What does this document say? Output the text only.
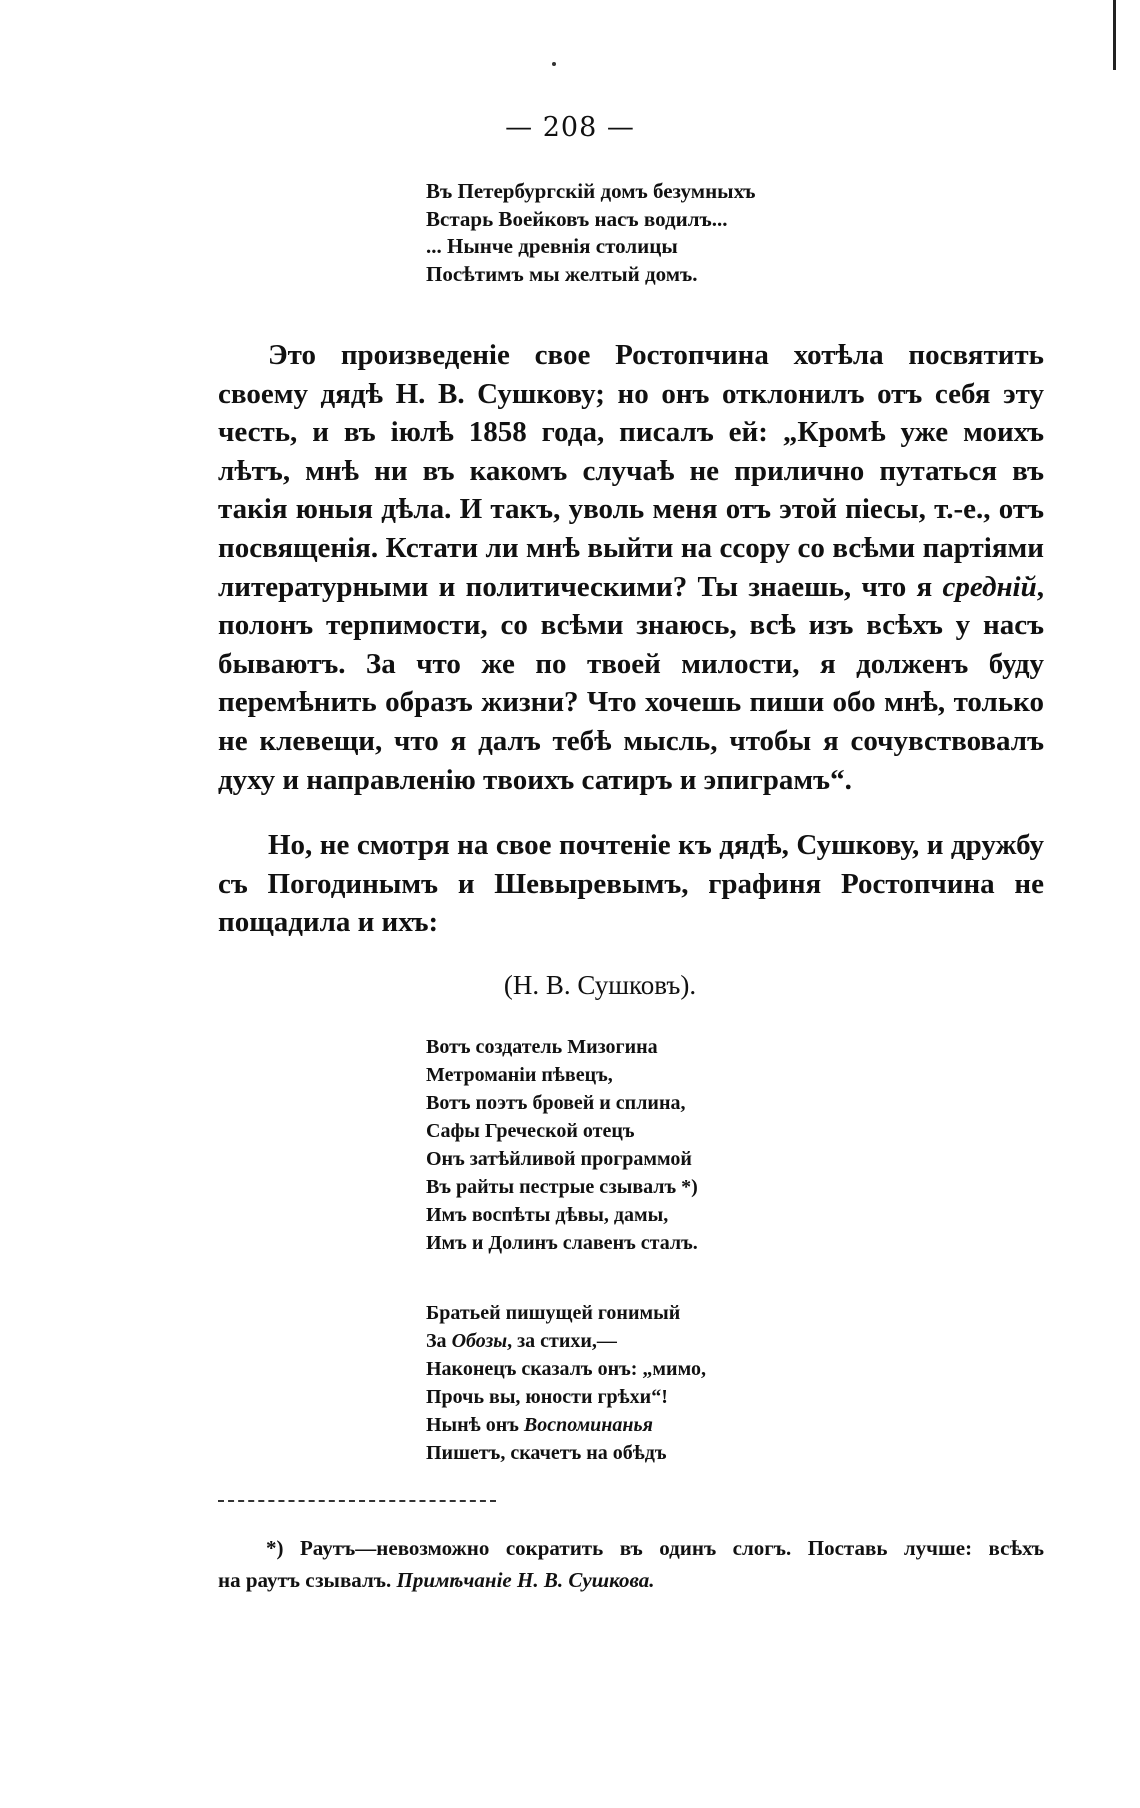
— 208 —
Въ Петербургскій домъ безумныхъ
Встарь Воейковъ насъ водилъ...
... Нынче древнія столицы
Посѣтимъ мы желтый домъ.

Это произведеніе свое Ростопчина хотѣла посвятить своему дядѣ Н. В. Сушкову; но онъ отклонилъ отъ себя эту честь, и въ іюлѣ 1858 года, писалъ ей: „Кромѣ уже моихъ лѣтъ, мнѣ ни въ какомъ случаѣ не прилично путаться въ такія юныя дѣла. И такъ, уволь меня отъ этой піесы, т.-е., отъ посвященія. Кстати ли мнѣ выйти на ссору со всѣми партіями литературными и политическими? Ты знаешь, что я средній, полонъ терпимости, со всѣми знаюсь, всѣ изъ всѣхъ у насъ бываютъ. За что же по твоей милости, я долженъ буду перемѣнить образъ жизни? Что хочешь пиши обо мнѣ, только не клевещи, что я далъ тебѣ мысль, чтобы я сочувствовалъ духу и направленію твоихъ сатиръ и эпиграмъ“.

Но, не смотря на свое почтеніе къ дядѣ, Сушкову, и дружбу съ Погодинымъ и Шевыревымъ, графиня Ростопчина не пощадила и ихъ:

(Н. В. Сушковъ).
Вотъ создатель Мизогина
Метроманіи пѣвецъ,
Вотъ поэтъ бровей и сплина,
Сафы Греческой отецъ
Онъ затѣйливой программой
Въ райты пестрые сзывалъ *)
Имъ воспѣты дѣвы, дамы,
Имъ и Долинъ славенъ сталъ.
Братьей пишущей гонимый
За Обозы, за стихи,—
Наконецъ сказалъ онъ: „мимо,
Прочь вы, юности грѣхи“!
Нынѣ онъ Воспоминанья
Пишетъ, скачетъ на обѣдъ
*) Раутъ—невозможно сократить въ одинъ слогъ. Поставь лучше: всѣхъ
на раутъ сзывалъ. Примѣчаніе Н. В. Сушкова.
